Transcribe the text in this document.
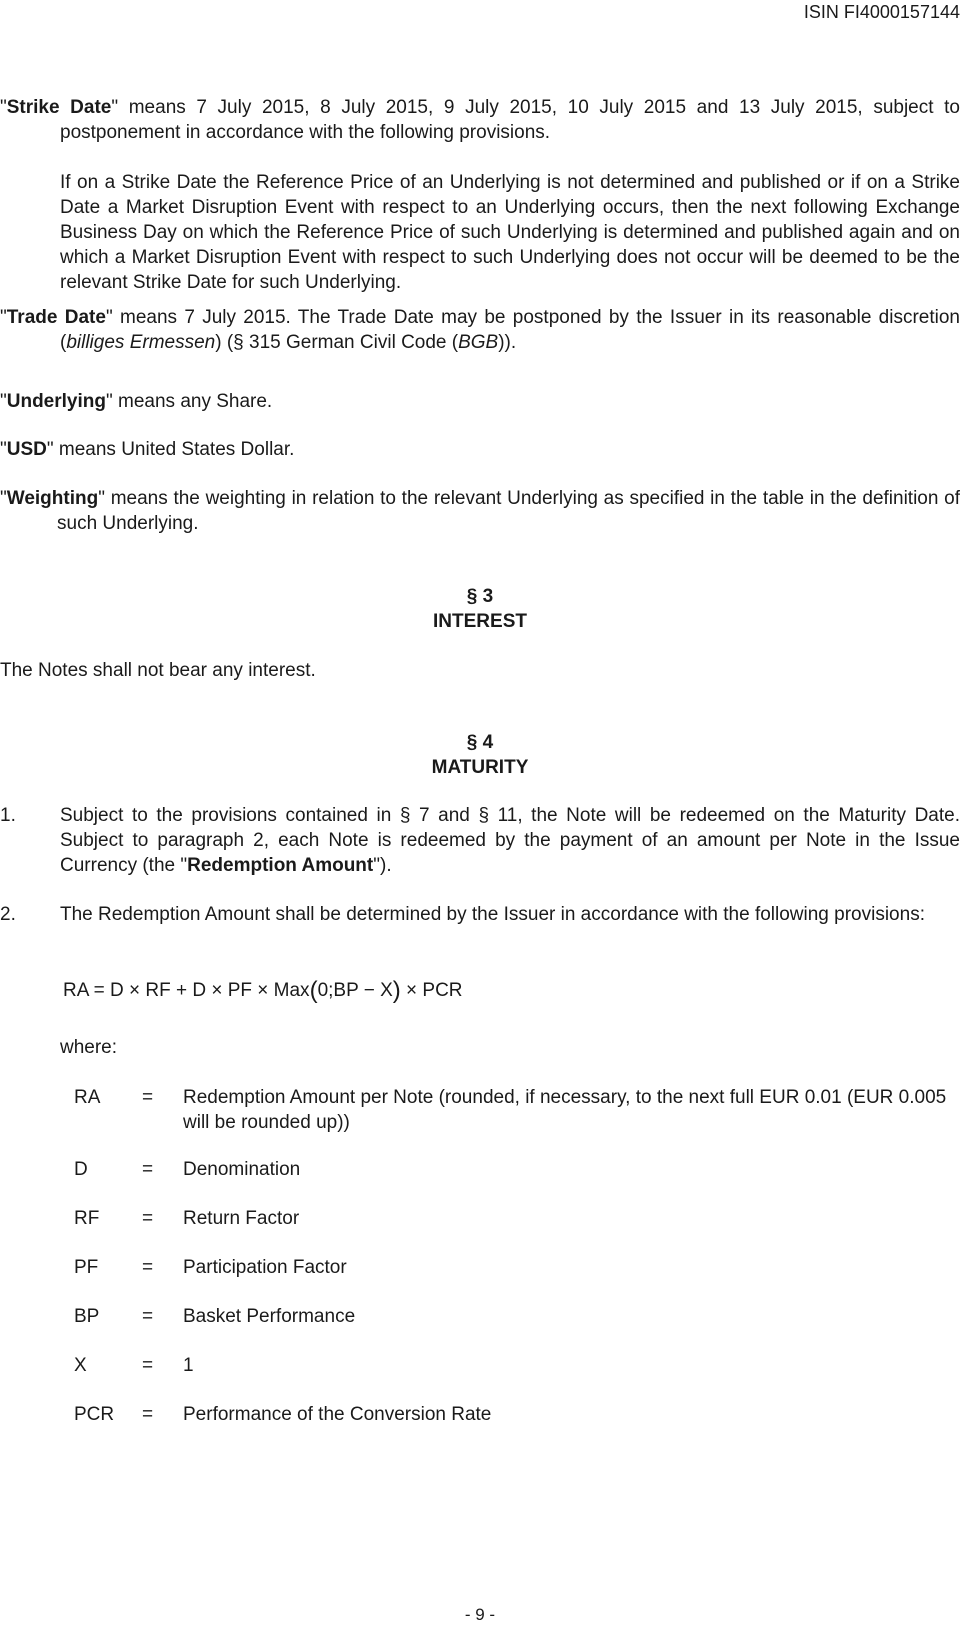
ISIN FI4000157144
"Strike Date" means 7 July 2015, 8 July 2015, 9 July 2015, 10 July 2015 and 13 July 2015, subject to postponement in accordance with the following provisions.
If on a Strike Date the Reference Price of an Underlying is not determined and published or if on a Strike Date a Market Disruption Event with respect to an Underlying occurs, then the next following Exchange Business Day on which the Reference Price of such Underlying is determined and published again and on which a Market Disruption Event with respect to such Underlying does not occur will be deemed to be the relevant Strike Date for such Underlying.
"Trade Date" means 7 July 2015. The Trade Date may be postponed by the Issuer in its reasonable discretion (billiges Ermessen) (§ 315 German Civil Code (BGB)).
"Underlying" means any Share.
"USD" means United States Dollar.
"Weighting" means the weighting in relation to the relevant Underlying as specified in the table in the definition of such Underlying.
§ 3
INTEREST
The Notes shall not bear any interest.
§ 4
MATURITY
1.	Subject to the provisions contained in § 7 and § 11, the Note will be redeemed on the Maturity Date. Subject to paragraph 2, each Note is redeemed by the payment of an amount per Note in the Issue Currency (the "Redemption Amount").
2.	The Redemption Amount shall be determined by the Issuer in accordance with the following provisions:
RA = D × RF + D × PF × Max(0;BP − X) × PCR
where:
RA = Redemption Amount per Note (rounded, if necessary, to the next full EUR 0.01 (EUR 0.005 will be rounded up))
D	= Denomination
RF = Return Factor
PF = Participation Factor
BP = Basket Performance
X	= 1
PCR = Performance of the Conversion Rate
- 9 -
